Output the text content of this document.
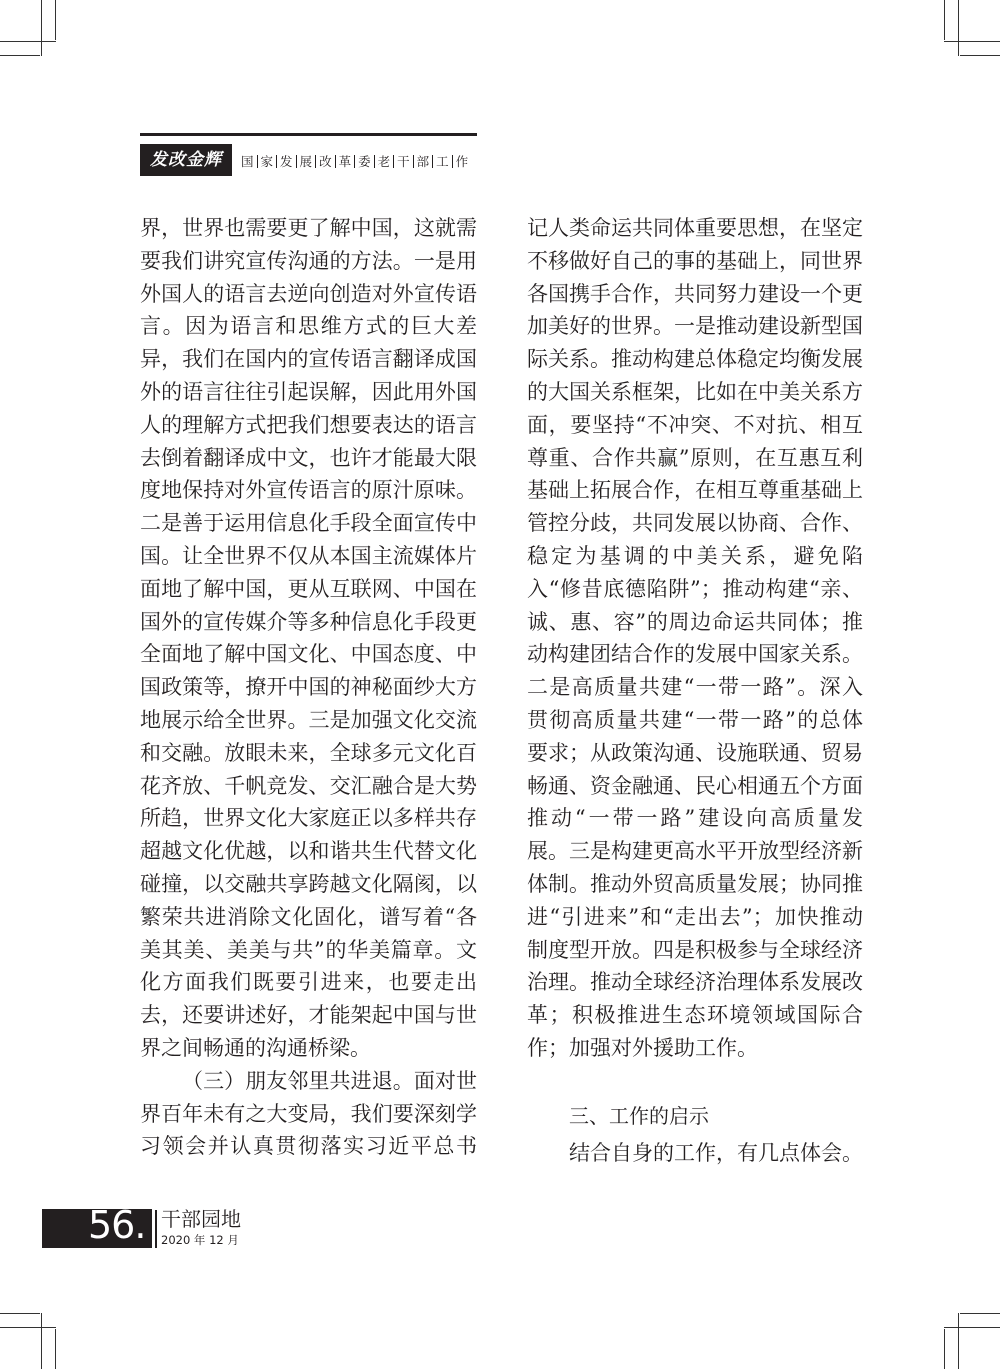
发改金辉	国 家 发 展 改 革 委 老 干 部 工 作

界，世界也需要更了解中国，这就需要我们讲究宣传沟通的方法。一是用外国人的语言去逆向创造对外宣传语言。因为语言和思维方式的巨大差异，我们在国内的宣传语言翻译成国外的语言往往引起误解，因此用外国人的理解方式把我们想要表达的语言去倒着翻译成中文，也许才能最大限度地保持对外宣传语言的原汁原味。二是善于运用信息化手段全面宣传中国。让全世界不仅从本国主流媒体片面地了解中国，更从互联网、中国在国外的宣传媒介等多种信息化手段更全面地了解中国文化、中国态度、中国政策等，撩开中国的神秘面纱大方地展示给全世界。三是加强文化交流和交融。放眼未来，全球多元文化百花齐放、千帆竞发、交汇融合是大势所趋，世界文化大家庭正以多样共存超越文化优越，以和谐共生代替文化碰撞，以交融共享跨越文化隔阂，以繁荣共进消除文化固化，谱写着“各美其美、美美与共”的华美篇章。文化方面我们既要引进来，也要走出去，还要讲述好，才能架起中国与世界之间畅通的沟通桥梁。

（三）朋友邻里共进退。面对世界百年未有之大变局，我们要深刻学习领会并认真贯彻落实习近平总书

记人类命运共同体重要思想，在坚定不移做好自己的事的基础上，同世界各国携手合作，共同努力建设一个更加美好的世界。一是推动建设新型国际关系。推动构建总体稳定均衡发展的大国关系框架，比如在中美关系方面，要坚持“不冲突、不对抗、相互尊重、合作共赢”原则，在互惠互利基础上拓展合作，在相互尊重基础上管控分歧，共同发展以协商、合作、稳定为基调的中美关系，避免陷入“修昔底德陷阱”；推动构建“亲、诚、惠、容”的周边命运共同体；推动构建团结合作的发展中国家关系。二是高质量共建“一带一路”。深入贯彻高质量共建“一带一路”的总体要求；从政策沟通、设施联通、贸易畅通、资金融通、民心相通五个方面推动“一带一路”建设向高质量发展。三是构建更高水平开放型经济新体制。推动外贸高质量发展；协同推进“引进来”和“走出去”；加快推动制度型开放。四是积极参与全球经济治理。推动全球经济治理体系发展改革；积极推进生态环境领域国际合作；加强对外援助工作。

三、工作的启示
结合自身的工作，有几点体会。
56. 干部园地
2020 年 12 月
